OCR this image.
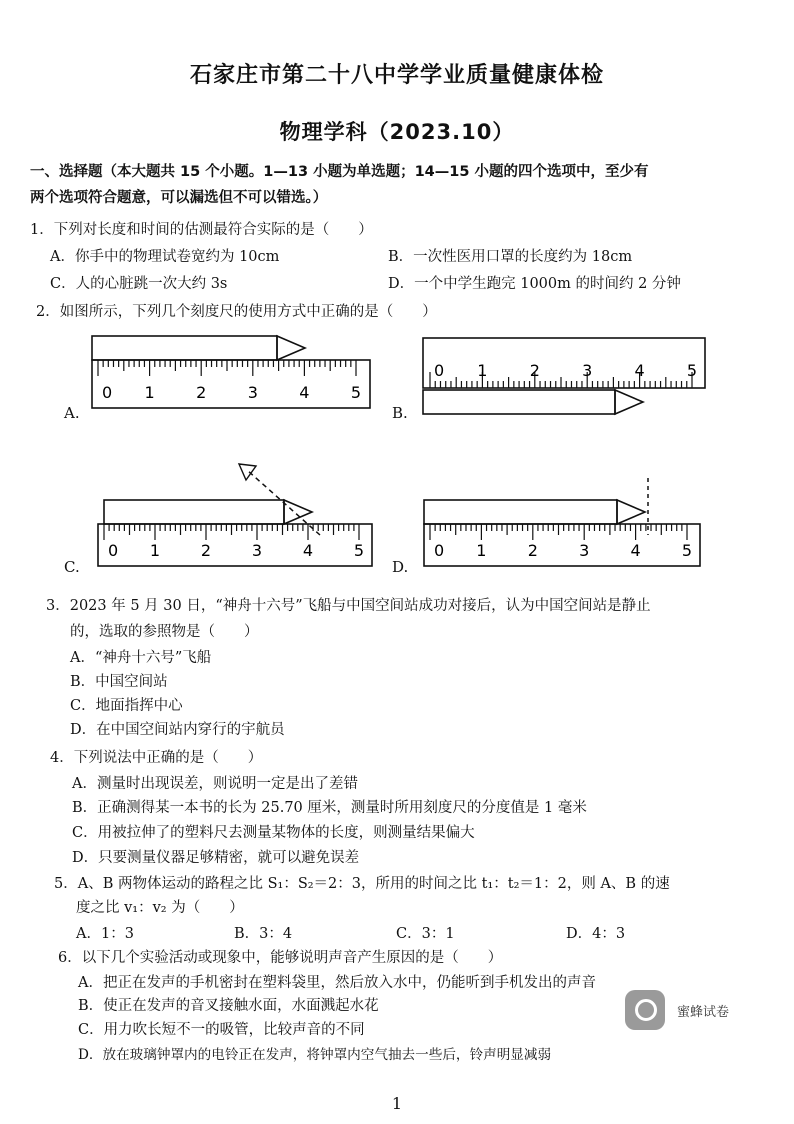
石家庄市第二十八中学学业质量健康体检
物理学科（2023.10）
一、选择题（本大题共 15 个小题。1—13 小题为单选题；14—15 小题的四个选项中，至少有
两个选项符合题意，可以漏选但不可以错选。）
1．下列对长度和时间的估测最符合实际的是（　　）
A．你手中的物理试卷宽约为 10cm	B．一次性医用口罩的长度约为 18cm
C．人的心脏跳一次大约 3s	D．一个中学生跑完 1000m 的时间约 2 分钟
2．如图所示，下列几个刻度尺的使用方式中正确的是（　　）
0 1	2	3	4	5
0 1	2	3	4	5
0 1	2	3	4	5	0 1	2	3	4	5
A.	B.
C.	D.
3．2023 年 5 月 30 日，“神舟十六号”飞船与中国空间站成功对接后，认为中国空间站是静止
的，选取的参照物是（　　）
A．“神舟十六号”飞船
B．中国空间站
C．地面指挥中心
D．在中国空间站内穿行的宇航员
4．下列说法中正确的是（　　）
A．测量时出现误差，则说明一定是出了差错
B．正确测得某一本书的长为 25.70 厘米，测量时所用刻度尺的分度值是 1 毫米
C．用被拉伸了的塑料尺去测量某物体的长度，则测量结果偏大
D．只要测量仪器足够精密，就可以避免误差
5．A、B 两物体运动的路程之比 S₁：S₂＝2：3，所用的时间之比 t₁：t₂＝1：2，则 A、B 的速
度之比 v₁：v₂ 为（　　）
A．1：3	B．3：4	C．3：1	D．4：3
6．以下几个实验活动或现象中，能够说明声音产生原因的是（　　）
A．把正在发声的手机密封在塑料袋里，然后放入水中，仍能听到手机发出的声音
B．使正在发声的音叉接触水面，水面溅起水花
C．用力吹长短不一的吸管，比较声音的不同
D．放在玻璃钟罩内的电铃正在发声，将钟罩内空气抽去一些后，铃声明显减弱
蜜蜂试卷
1
